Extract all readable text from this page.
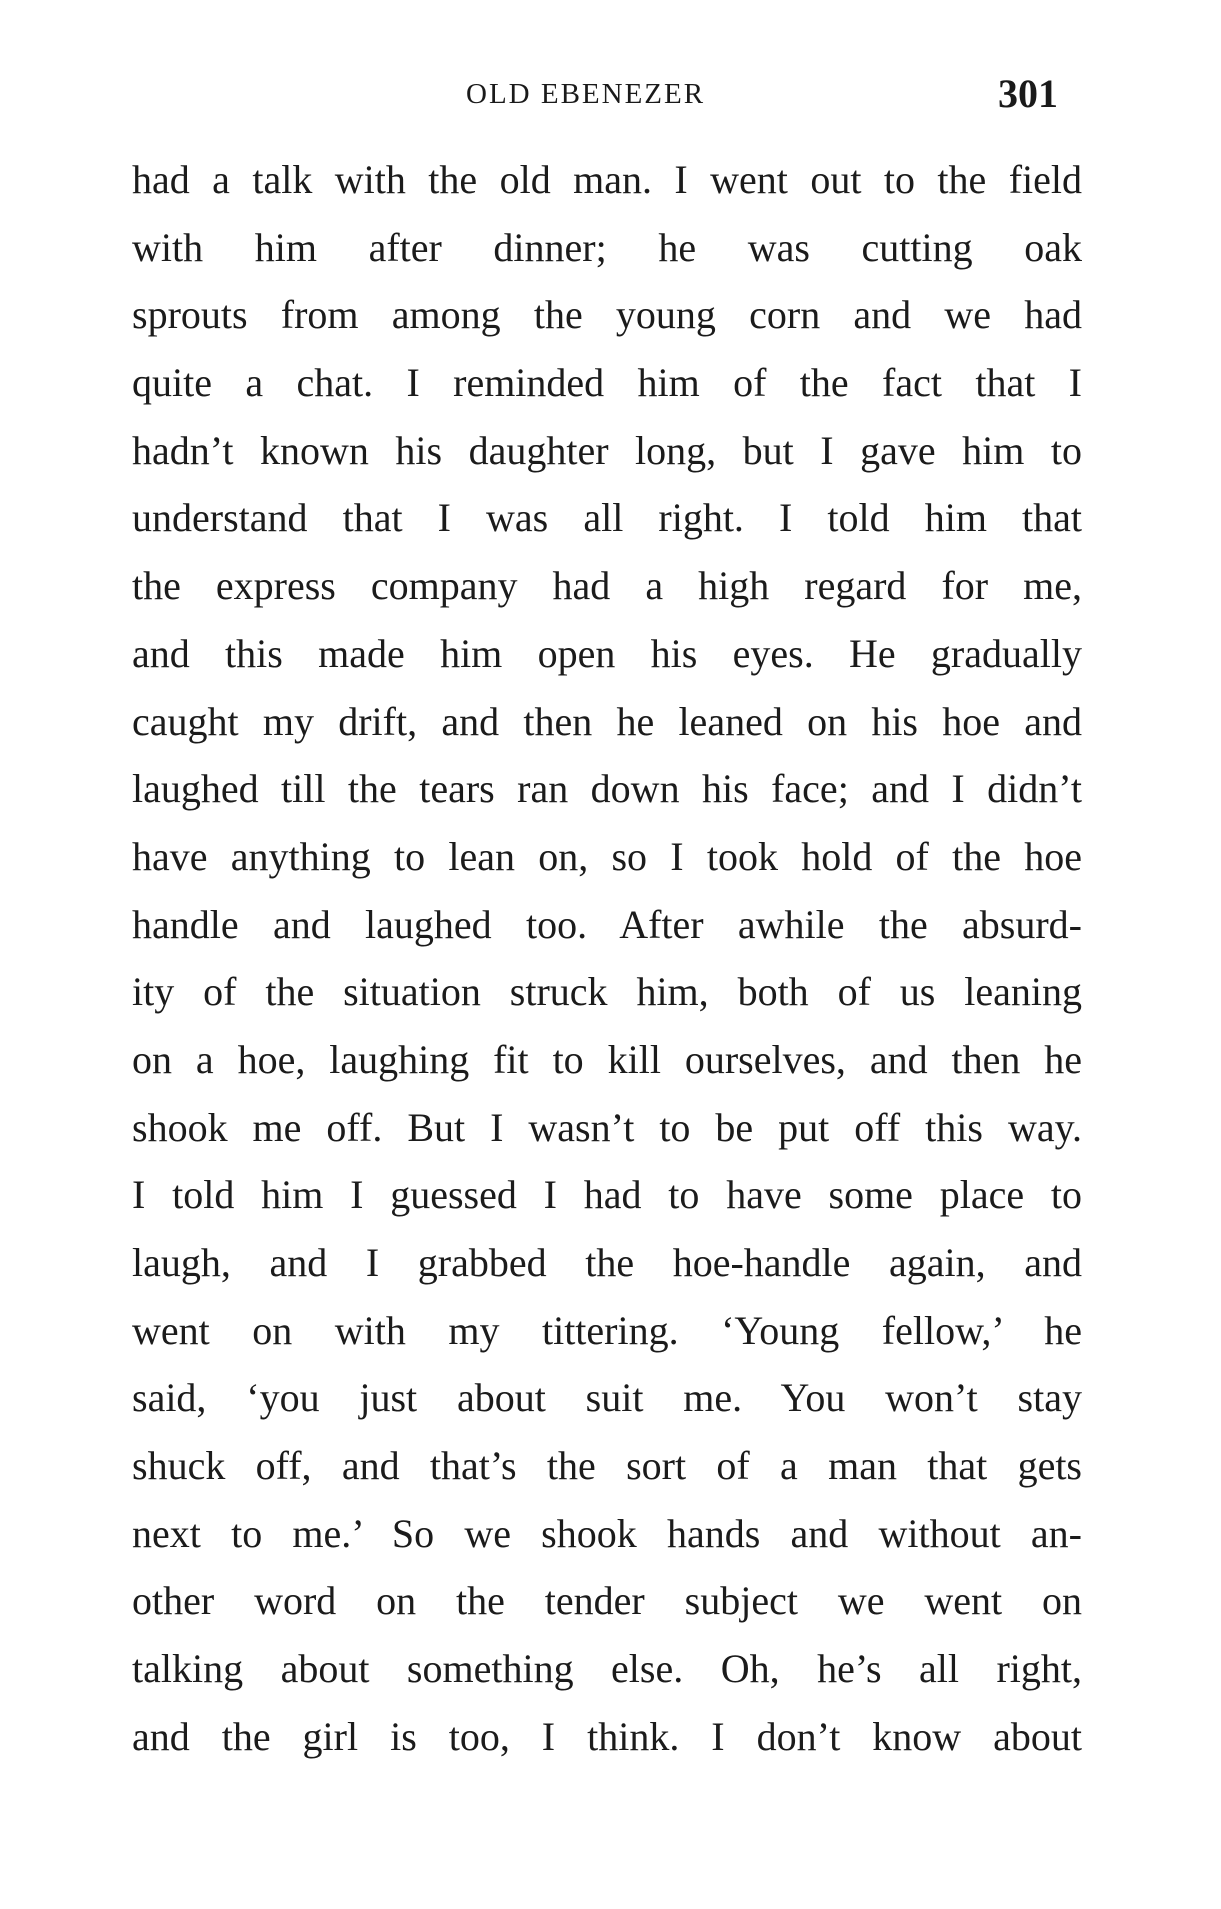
OLD EBENEZER	301
had a talk with the old man. I went out to the field
with him after dinner; he was cutting oak
sprouts from among the young corn and we had
quite a chat. I reminded him of the fact that I
hadn’t known his daughter long, but I gave him to
understand that I was all right. I told him that
the express company had a high regard for me,
and this made him open his eyes. He gradually
caught my drift, and then he leaned on his hoe and
laughed till the tears ran down his face; and I didn’t
have anything to lean on, so I took hold of the hoe
handle and laughed too. After awhile the absurd-
ity of the situation struck him, both of us leaning
on a hoe, laughing fit to kill ourselves, and then he
shook me off. But I wasn’t to be put off this way.
I told him I guessed I had to have some place to
laugh, and I grabbed the hoe-handle again, and
went on with my tittering. ‘Young fellow,’ he
said, ‘you just about suit me. You won’t stay
shuck off, and that’s the sort of a man that gets
next to me.’ So we shook hands and without an-
other word on the tender subject we went on
talking about something else. Oh, he’s all right,
and the girl is too, I think. I don’t know about
